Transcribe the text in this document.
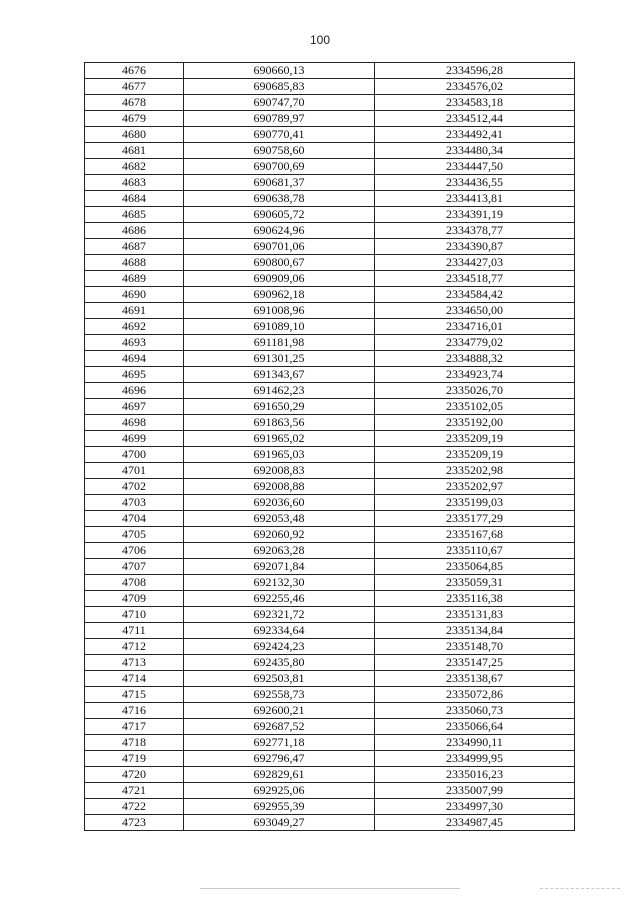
100
4676	690660,13	2334596,28
4677	690685,83	2334576,02
4678	690747,70	2334583,18
4679	690789,97	2334512,44
4680	690770,41	2334492,41
4681	690758,60	2334480,34
4682	690700,69	2334447,50
4683	690681,37	2334436,55
4684	690638,78	2334413,81
4685	690605,72	2334391,19
4686	690624,96	2334378,77
4687	690701,06	2334390,87
4688	690800,67	2334427,03
4689	690909,06	2334518,77
4690	690962,18	2334584,42
4691	691008,96	2334650,00
4692	691089,10	2334716,01
4693	691181,98	2334779,02
4694	691301,25	2334888,32
4695	691343,67	2334923,74
4696	691462,23	2335026,70
4697	691650,29	2335102,05
4698	691863,56	2335192,00
4699	691965,02	2335209,19
4700	691965,03	2335209,19
4701	692008,83	2335202,98
4702	692008,88	2335202,97
4703	692036,60	2335199,03
4704	692053,48	2335177,29
4705	692060,92	2335167,68
4706	692063,28	2335110,67
4707	692071,84	2335064,85
4708	692132,30	2335059,31
4709	692255,46	2335116,38
4710	692321,72	2335131,83
4711	692334,64	2335134,84
4712	692424,23	2335148,70
4713	692435,80	2335147,25
4714	692503,81	2335138,67
4715	692558,73	2335072,86
4716	692600,21	2335060,73
4717	692687,52	2335066,64
4718	692771,18	2334990,11
4719	692796,47	2334999,95
4720	692829,61	2335016,23
4721	692925,06	2335007,99
4722	692955,39	2334997,30
4723	693049,27	2334987,45
